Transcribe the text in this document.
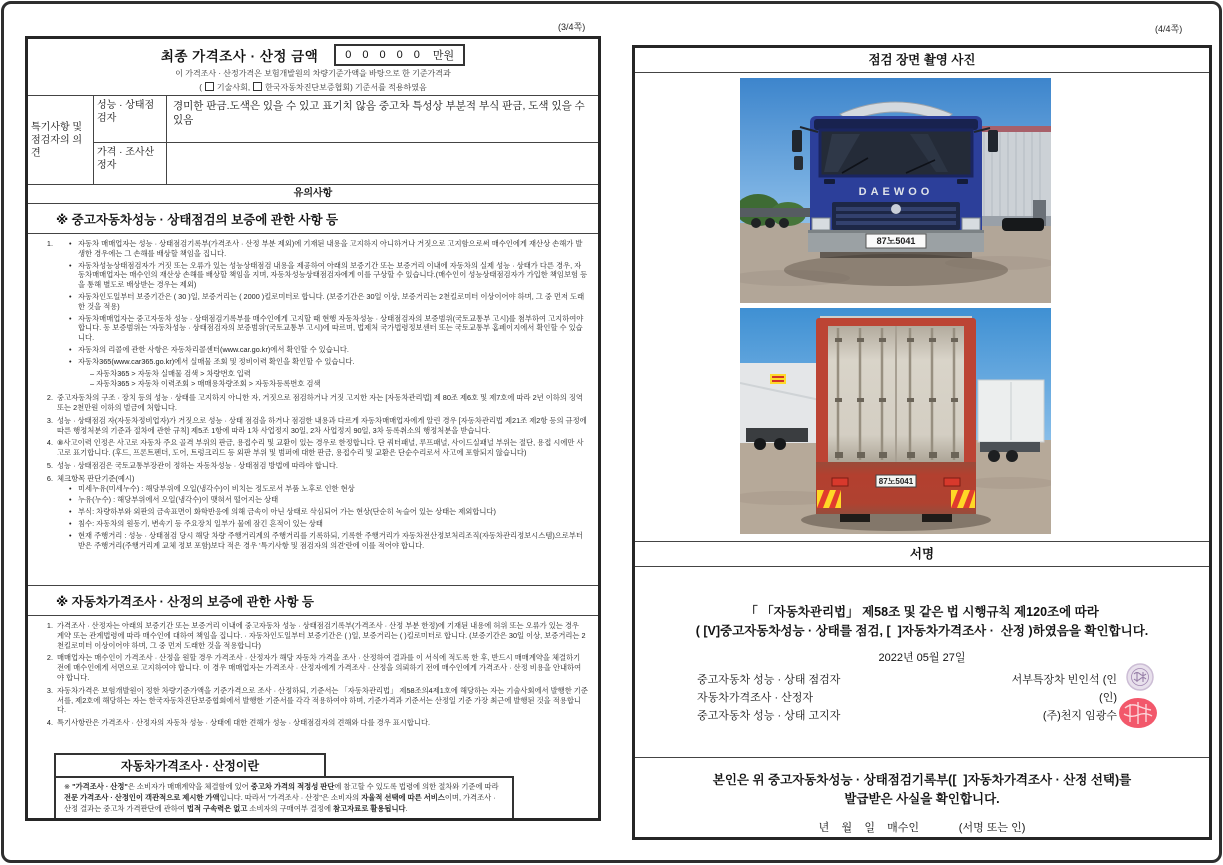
(3/4쪽)	(4/4쪽)
최종 가격조사 · 산정 금액 0 0 0 0 0 만원
이 가격조사 · 산정가격은 보험개발원의 차량기준가액을 바탕으로 한 기준가격과
( 기술사회, 한국자동차진단보증협회) 기준서를 적용하였음
특기사항 및 점검자의 의견
성능 · 상태점검자
경미한 판금.도색은 있을 수 있고 표기치 않음 중고차 특성상 부분적 부식 판금, 도색 있을 수 있음
가격 · 조사산정자
유의사항
※ 중고자동차성능 · 상태점검의 보증에 관한 사항 등
1.	• 자동차 매매업자는 성능 · 상태점검기록부(가격조사 · 산정 부분 제외)에 기재된 내용을 고지하지 아니하거나 거짓으로 고지함으로써 매수인에게 재산상 손해가 발생한 경우에는 그 손해를 배상할 책임을 집니다.
• 자동차성능상태점검자가 거짓 또는 오류가 있는 성능상태점검 내용을 제공하여 아래의 보증기간 또는 보증거리 이내에 자동차의 실제 성능 · 상태가 다른 경우, 자동차매매업자는 매수인의 재산상 손해를 배상할 책임을 지며, 자동차성능상태점검자에게 이를 구상할 수 있습니다.(매수인이 성능상태점검자가 가입한 책임보험 등을 통해 별도로 배상받는 경우는 제외)
• 자동차인도일부터 보증기간은 ( 30 )일, 보증거리는 ( 2000 )킬로미터로 합니다. (보증기간은 30일 이상, 보증거리는 2천킬로미터 이상이어야 하며, 그 중 먼저 도래한 것을 적용)
• 자동차매매업자는 중고자동차 성능 · 상태점검기록부를 매수인에게 고지할 때 현행 자동차성능 · 상태점검자의 보증범위(국토교통부 고시)를 첨부하여 고지하여야 합니다. 동 보증범위는 '자동차성능 · 상태점검자의 보증범위'(국토교통부 고시)에 따르며, 법제처 국가법령정보센터 또는 국토교통부 홈페이지에서 확인할 수 있습니다.
• 자동차의 리콜에 관한 사항은 자동차리콜센터(www.car.go.kr)에서 확인할 수 있습니다.
• 자동차365(www.car365.go.kr)에서 실매물 조회 및 정비이력 확인을 확인할 수 있습니다.
– 자동차365 > 자동차 실매물 검색 > 차량번호 입력
– 자동차365 > 자동차 이력조회 > 매매용차량조회 > 자동차등록번호 검색
2. 중고자동차의 구조 · 장치 등의 성능 · 상태를 고지하지 아니한 자, 거짓으로 점검하거나 거짓 고지한 자는 [자동차관리법] 제 80조 제6호 및 제7호에 따라 2년 이하의 징역 또는 2천만원 이하의 벌금에 처합니다.
3. 성능 · 상태점검 자(자동차정비업자)가 거짓으로 성능 · 상태 점검을 하거나 점검한 내용과 다르게 자동차매매업자에게 알린 경우 [자동차관리법 제21조 제2항 등의 규정에 따른 행정처분의 기준과 절차에 관한 규칙] 제5조 1항에 따라 1차 사업정지 30일, 2차 사업정지 90일, 3차 등록취소의 행정처분을 받습니다.
4. ⑧사고이력 인정은 사고로 자동차 주요 골격 부위의 판금, 용접수리 및 교환이 있는 경우로 한정합니다. 단 쿼터패널, 루프패널, 사이드실패널 부위는 절단, 용접 시에만 사고로 표기합니다. (후드, 프론트펜더, 도어, 트렁크리드 등 외판 부위 및 범퍼에 대한 판금, 용접수리 및 교환은 단순수리로서 사고에 포함되지 않습니다)
5. 성능 · 상태점검은 국토교통부장관이 정하는 자동차성능 · 상태점검 방법에 따라야 합니다.
6. 체크항목 판단기준(예시)
• 미세누유(미세누수) : 해당부위에 오일(냉각수)이 비치는 정도로서 부품 노후로 인한 현상
• 누유(누수) : 해당부위에서 오일(냉각수)이 맺혀서 떨어지는 상태
• 부식: 차량하부와 외판의 금속표면이 화학반응에 의해 금속이 아닌 상태로 삭심되어 가는 현상(단순히 녹슬어 있는 상태는 제외합니다)
• 침수: 자동차의 원동기, 변속기 등 주요장치 일부가 물에 잠긴 흔적이 있는 상태
• 현재 주행거리 : 성능 · 상태점검 당시 해당 차량 주행거리계의 주행거리를 기록하되, 기록한 주행거리가 자동차전산정보처리조직(자동차관리정보시스템)으로부터 받은 주행거리(주행거리계 교체 정보 포함)보다 적은 경우 '특기사항 및 점검자의 의견'란에 이를 적어야 합니다.
※ 자동차가격조사 · 산정의 보증에 관한 사항 등
1. 가격조사 · 산정자는 아래의 보증기간 또는 보증거리 이내에 중고자동차 성능 · 상태점검기록부(가격조사 · 산정 부분 한정)에 기재된 내용에 허위 또는 오류가 있는 경우 계약 또는 관계법령에 따라 매수인에 대하여 책임을 집니다. · 자동차인도일부터 보증기간은 ( )일, 보증거리는 ( )킬로미터로 합니다. (보증기간은 30일 이상, 보증거리는 2천킬로미터 이상이어야 하며, 그 중 먼저 도래한 것을 적용합니다)
2. 매매업자는 매수인이 가격조사 · 산정을 원할 경우 가격조사 · 산정자가 해당 자동차 가격을 조사 · 산정하여 결과를 이 서식에 적도록 한 후, 반드시 매매계약을 체결하기 전에 매수인에게 서면으로 고지하여야 합니다. 이 경우 매매업자는 가격조사 · 산정자에게 가격조사 · 산정을 의뢰하기 전에 매수인에게 가격조사 · 산정 비용을 안내하여야 합니다.
3. 자동차가격은 보험개발원이 정한 차량기준가액을 기준가격으로 조사 · 산정하되, 기준서는 「자동차관리법」 제58조의4제1호에 해당하는 자는 기술사회에서 발행한 기준서를, 제2호에 해당하는 자는 한국자동차진단보증협회에서 발행한 기준서를 각각 적용하여야 하며, 기준가격과 기준서는 산정일 기준 가장 최근에 발행된 것을 적용합니다.
4. 특기사항란은 가격조사 · 산정자의 자동차 성능 · 상태에 대한 견해가 성능 · 상태점검자의 견해와 다를 경우 표시합니다.
자동차가격조사 · 산정이란
※ "가격조사 · 산정"은 소비자가 매매계약을 체결함에 있어 중고차 가격의 적정성 판단에 참고할 수 있도록 법령에 의한 절차와 기준에 따라 전문 가격조사 · 산정인이 객관적으로 제시한 가액입니다. 따라서 "가격조사 · 산정"은 소비자의 자율적 선택에 따른 서비스이며, 가격조사 · 산정 결과는 중고차 가격판단에 관하여 법적 구속력은 없고 소비자의 구매여부 결정에 참고자료로 활용됩니다.
점검 장면 촬영 사진
DAEWOO
87노5041
87노5041
서명
「 「자동차관리법」 제58조 및 같은 법 시행규칙 제120조에 따라
( [V]중고자동차성능 · 상태를 점검, [  ]자동차가격조사 ·  산정 )하였음을 확인합니다.
2022년 05월 27일
중고자동차 성능 · 상태 점검자	서부특장차 빈인석 (인
자동차가격조사 · 산정자	(인)
중고자동차 성능 · 상태 고지자	(주)천지 임광수
본인은 위 중고자동차성능 · 상태점검기록부([  ]자동차가격조사 · 산정 선택)를
발급받은 사실을 확인합니다.
년    월    일    매수인             (서명 또는 인)
